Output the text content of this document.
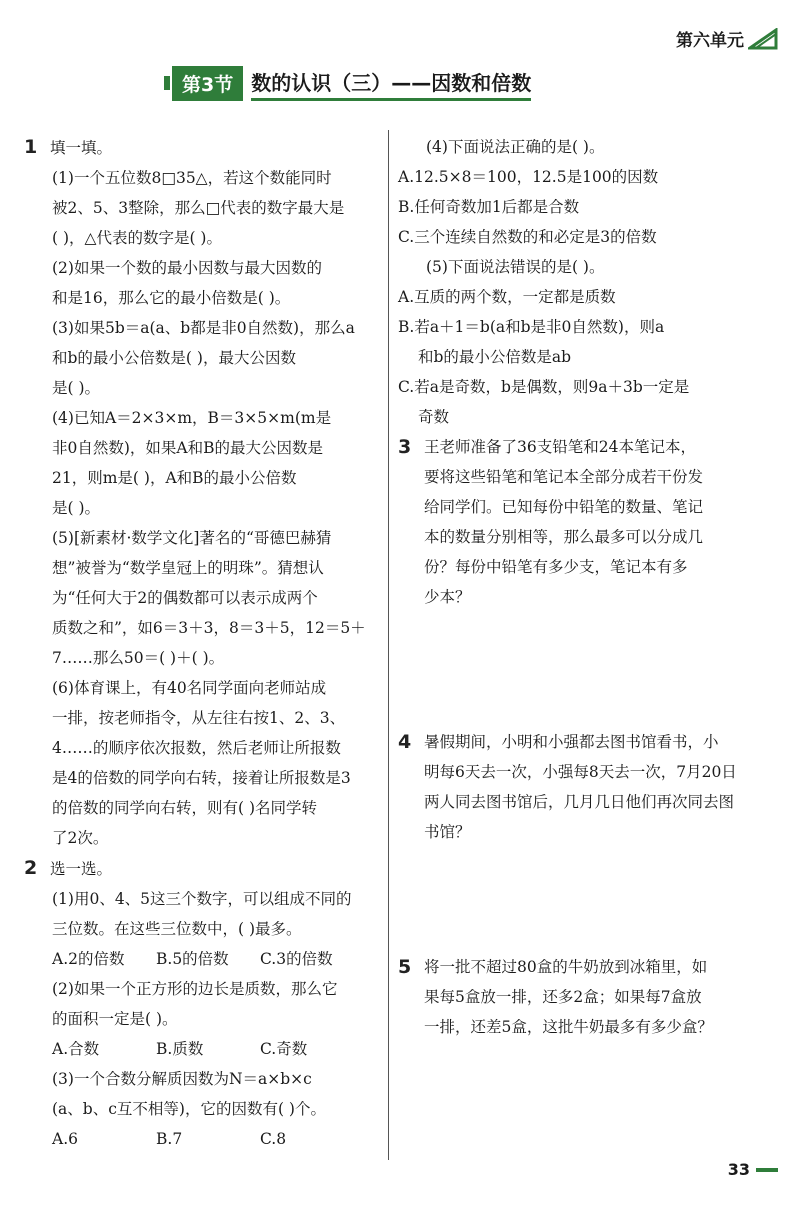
第六单元
第3节 数的认识（三）——因数和倍数
1 填一填。
(1)一个五位数8□35△，若这个数能同时
被2、5、3整除，那么□代表的数字最大是
( )，△代表的数字是( )。
(2)如果一个数的最小因数与最大因数的
和是16，那么它的最小倍数是( )。
(3)如果5b＝a(a、b都是非0自然数)，那么a
和b的最小公倍数是( )，最大公因数
是( )。
(4)已知A＝2×3×m，B＝3×5×m(m是
非0自然数)，如果A和B的最大公因数是
21，则m是( )，A和B的最小公倍数
是( )。
(5)[新素材·数学文化]著名的“哥德巴赫猜
想”被誉为“数学皇冠上的明珠”。猜想认
为“任何大于2的偶数都可以表示成两个
质数之和”，如6＝3＋3，8＝3＋5，12＝5＋
7……那么50＝( )＋( )。
(6)体育课上，有40名同学面向老师站成
一排，按老师指令，从左往右按1、2、3、
4……的顺序依次报数，然后老师让所报数
是4的倍数的同学向右转，接着让所报数是3
的倍数的同学向右转，则有( )名同学转
了2次。
2 选一选。
(1)用0、4、5这三个数字，可以组成不同的
三位数。在这些三位数中，( )最多。
A.2的倍数	B.5的倍数	C.3的倍数
(2)如果一个正方形的边长是质数，那么它
的面积一定是( )。
A.合数	B.质数	C.奇数
(3)一个合数分解质因数为N＝a×b×c
(a、b、c互不相等)，它的因数有( )个。
A.6	B.7	C.8
(4)下面说法正确的是( )。
A.12.5×8＝100，12.5是100的因数
B.任何奇数加1后都是合数
C.三个连续自然数的和必定是3的倍数
(5)下面说法错误的是( )。
A.互质的两个数，一定都是质数
B.若a＋1＝b(a和b是非0自然数)，则a
和b的最小公倍数是ab
C.若a是奇数，b是偶数，则9a＋3b一定是
奇数
3 王老师准备了36支铅笔和24本笔记本，
要将这些铅笔和笔记本全部分成若干份发
给同学们。已知每份中铅笔的数量、笔记
本的数量分别相等，那么最多可以分成几
份？每份中铅笔有多少支，笔记本有多
少本？
4 暑假期间，小明和小强都去图书馆看书，小
明每6天去一次，小强每8天去一次，7月20日
两人同去图书馆后，几月几日他们再次同去图
书馆？
5 将一批不超过80盒的牛奶放到冰箱里，如
果每5盒放一排，还多2盒；如果每7盒放
一排，还差5盒，这批牛奶最多有多少盒？
33
